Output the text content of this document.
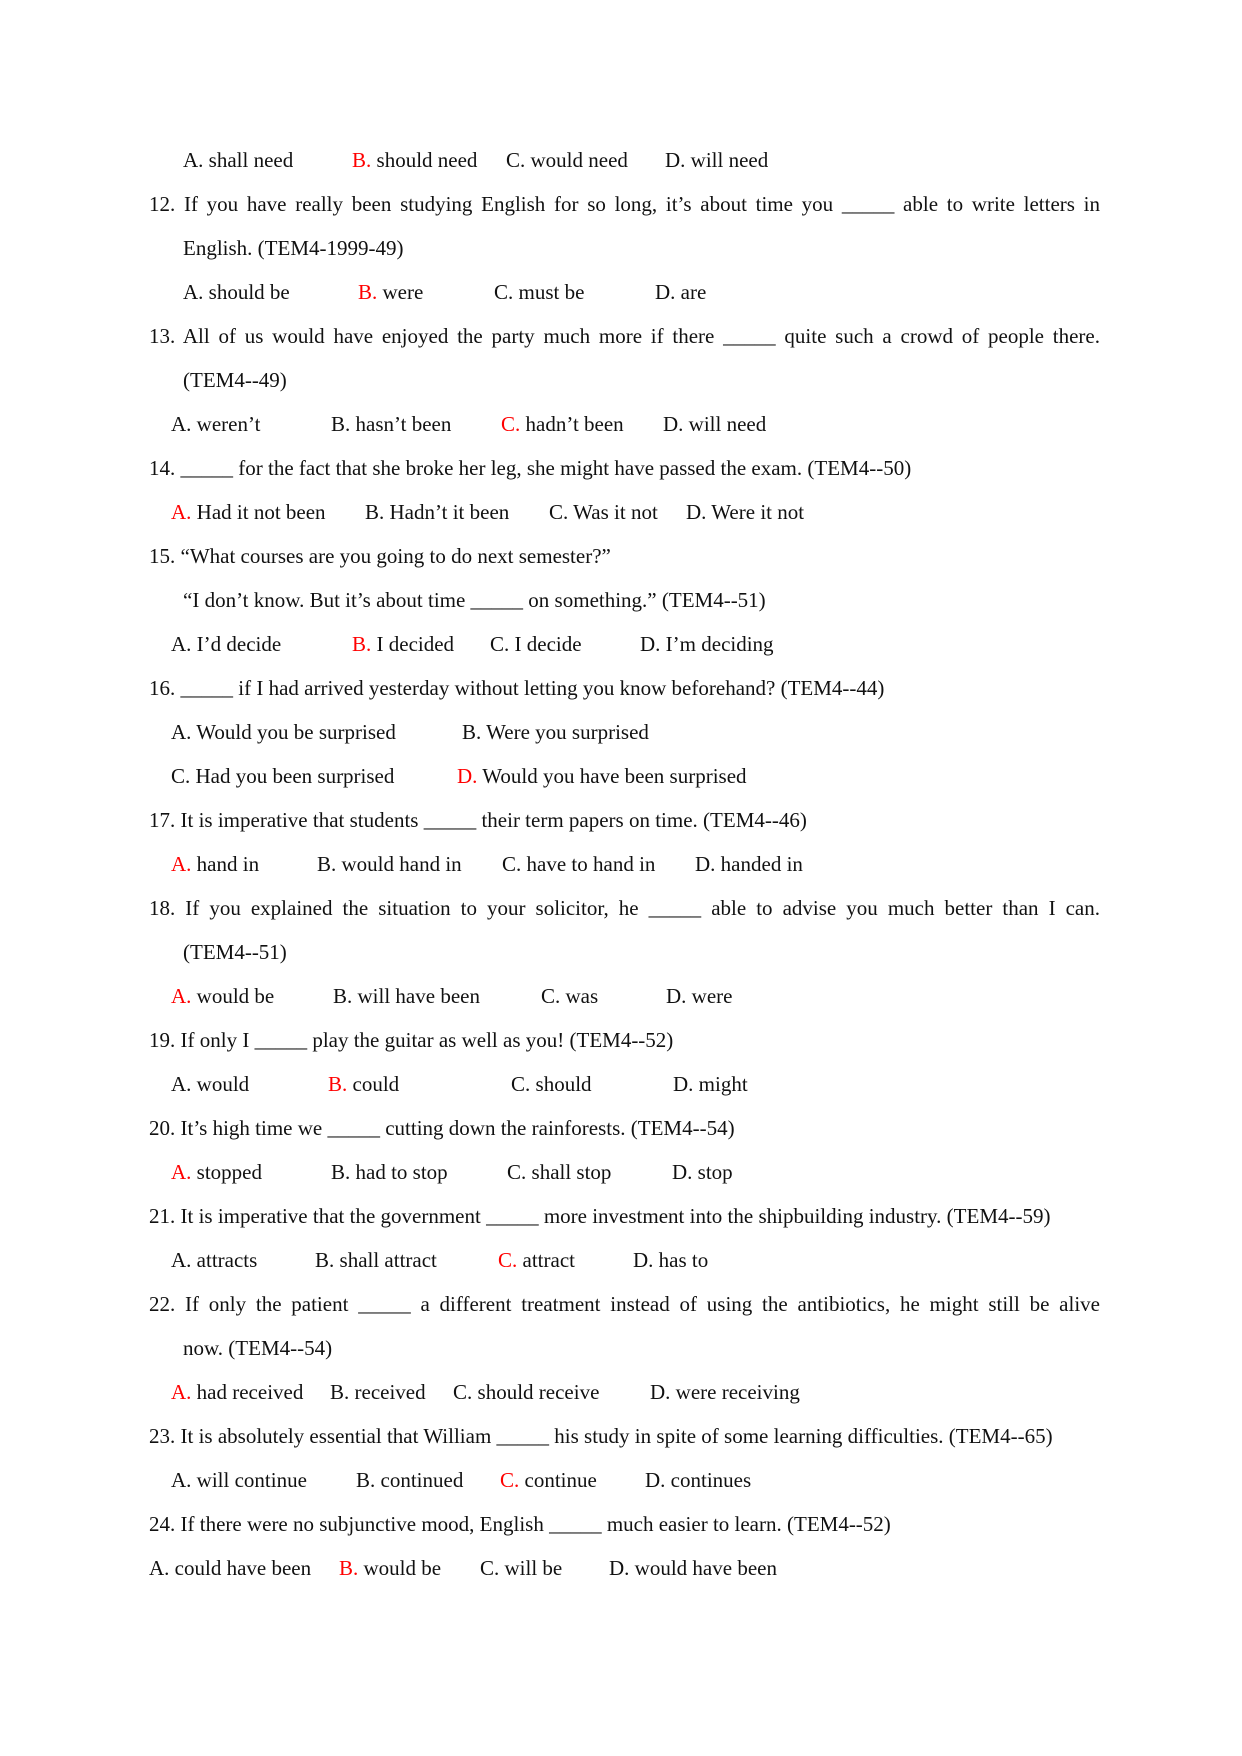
A. shall need	B. should need C. would need D. will need
12. If you have really been studying English for so long, it’s about time you _____ able to write letters in
English. (TEM4-1999-49)
A. should be	B. were	C. must be	D. are
13. All of us would have enjoyed the party much more if there _____ quite such a crowd of people there.
(TEM4--49)
A. weren’t	B. hasn’t been C. hadn’t been D. will need
14. _____ for the fact that she broke her leg, she might have passed the exam. (TEM4--50)
A. Had it not been B. Hadn’t it been C. Was it not D. Were it not
15. “What courses are you going to do next semester?”
“I don’t know. But it’s about time _____ on something.” (TEM4--51)
A. I’d decide	B. I decided C. I decide	D. I’m deciding
16. _____ if I had arrived yesterday without letting you know beforehand? (TEM4--44)
A. Would you be surprised	B. Were you surprised
C. Had you been surprised	D. Would you have been surprised
17. It is imperative that students _____ their term papers on time. (TEM4--46)
A. hand in	B. would hand in C. have to hand in D. handed in
18. If you explained the situation to your solicitor, he _____ able to advise you much better than I can.
(TEM4--51)
A. would be	B. will have been	C. was	D. were
19. If only I _____ play the guitar as well as you! (TEM4--52)
A. would	B. could	C. should	D. might
20. It’s high time we _____ cutting down the rainforests. (TEM4--54)
A. stopped	B. had to stop	C. shall stop	D. stop
21. It is imperative that the government _____ more investment into the shipbuilding industry. (TEM4--59)
A. attracts	B. shall attract	C. attract	D. has to
22. If only the patient _____ a different treatment instead of using the antibiotics, he might still be alive
now. (TEM4--54)
A. had received B. received C. should receive D. were receiving
23. It is absolutely essential that William _____ his study in spite of some learning difficulties. (TEM4--65)
A. will continue B. continued C. continue D. continues
24. If there were no subjunctive mood, English _____ much easier to learn. (TEM4--52)
A. could have been B. would be C. will be D. would have been
